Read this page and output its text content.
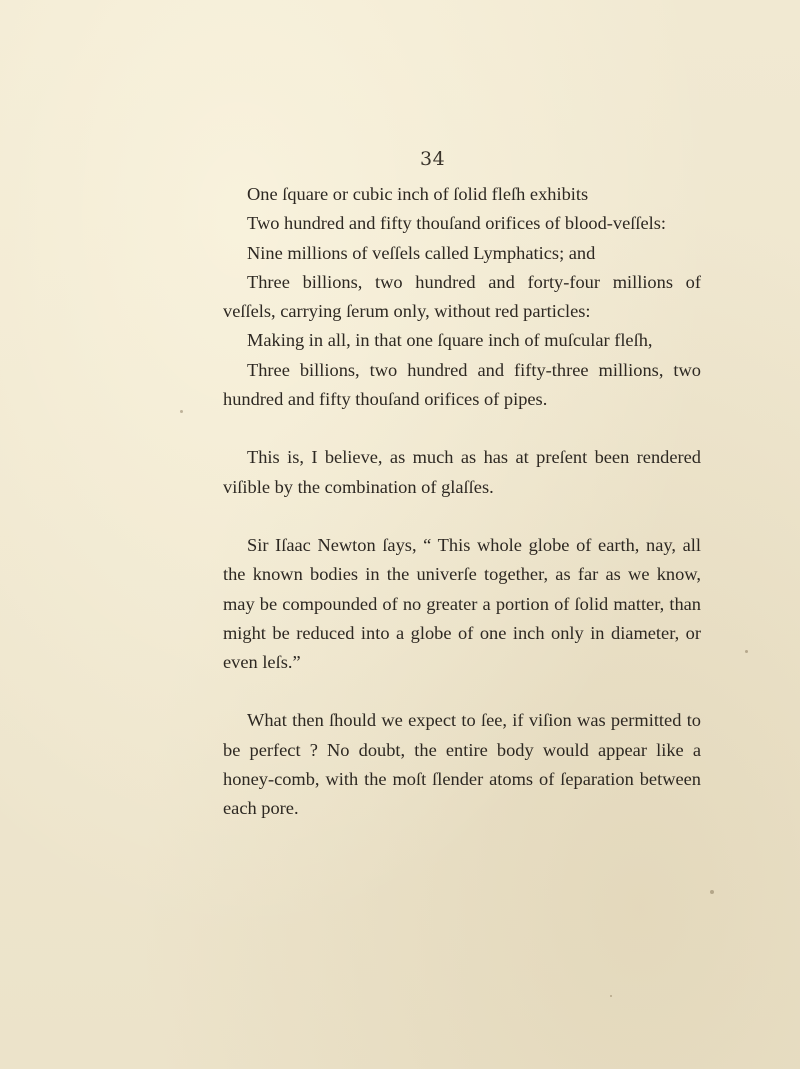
34

One ſquare or cubic inch of ſolid fleſh exhibits

Two hundred and fifty thouſand orifices of blood-veſſels:

Nine millions of veſſels called Lymphatics; and

Three billions, two hundred and forty-four millions of veſſels, carrying ſerum only, without red particles:

Making in all, in that one ſquare inch of muſcular fleſh,

Three billions, two hundred and fifty-three millions, two hundred and fifty thouſand orifices of pipes.

This is, I believe, as much as has at preſent been rendered viſible by the combination of glaſſes.

Sir Iſaac Newton ſays, “ This whole globe of earth, nay, all the known bodies in the univerſe together, as far as we know, may be compounded of no greater a portion of ſolid matter, than might be reduced into a globe of one inch only in diameter, or even leſs.”

What then ſhould we expect to ſee, if viſion was permitted to be perfect ? No doubt, the entire body would appear like a honey-comb, with the moſt ſlender atoms of ſeparation between each pore.
